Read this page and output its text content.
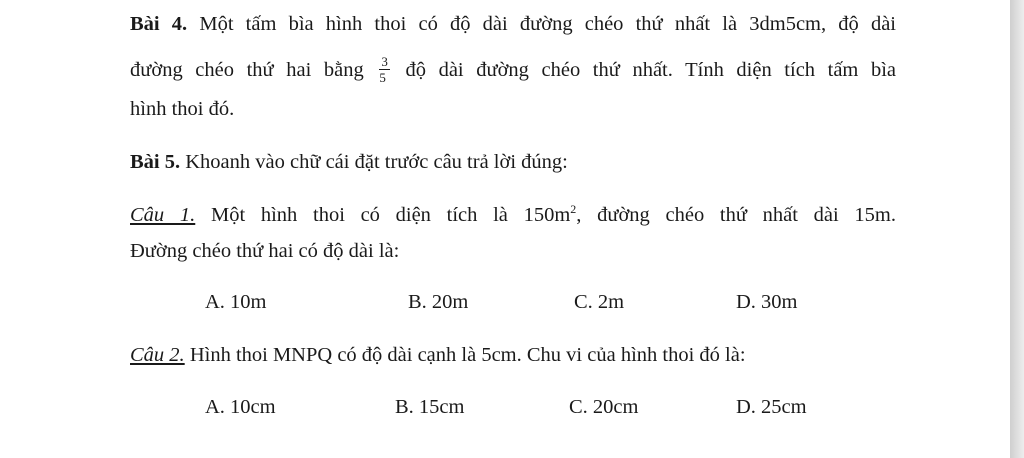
Bài 4. Một tấm bìa hình thoi có độ dài đường chéo thứ nhất là 3dm5cm, độ dài
đường chéo thứ hai bằng $\frac{3}{5}$ độ dài đường chéo thứ nhất. Tính diện tích tấm bìa
hình thoi đó.
Bài 5. Khoanh vào chữ cái đặt trước câu trả lời đúng:
Câu 1. Một hình thoi có diện tích là $150m^2$, đường chéo thứ nhất dài 15m.
Đường chéo thứ hai có độ dài là:
A. 10m	B. 20m	C. 2m	D. 30m
Câu 2. Hình thoi MNPQ có độ dài cạnh là 5cm. Chu vi của hình thoi đó là:
A. 10cm	B. 15cm	C. 20cm	D. 25cm
